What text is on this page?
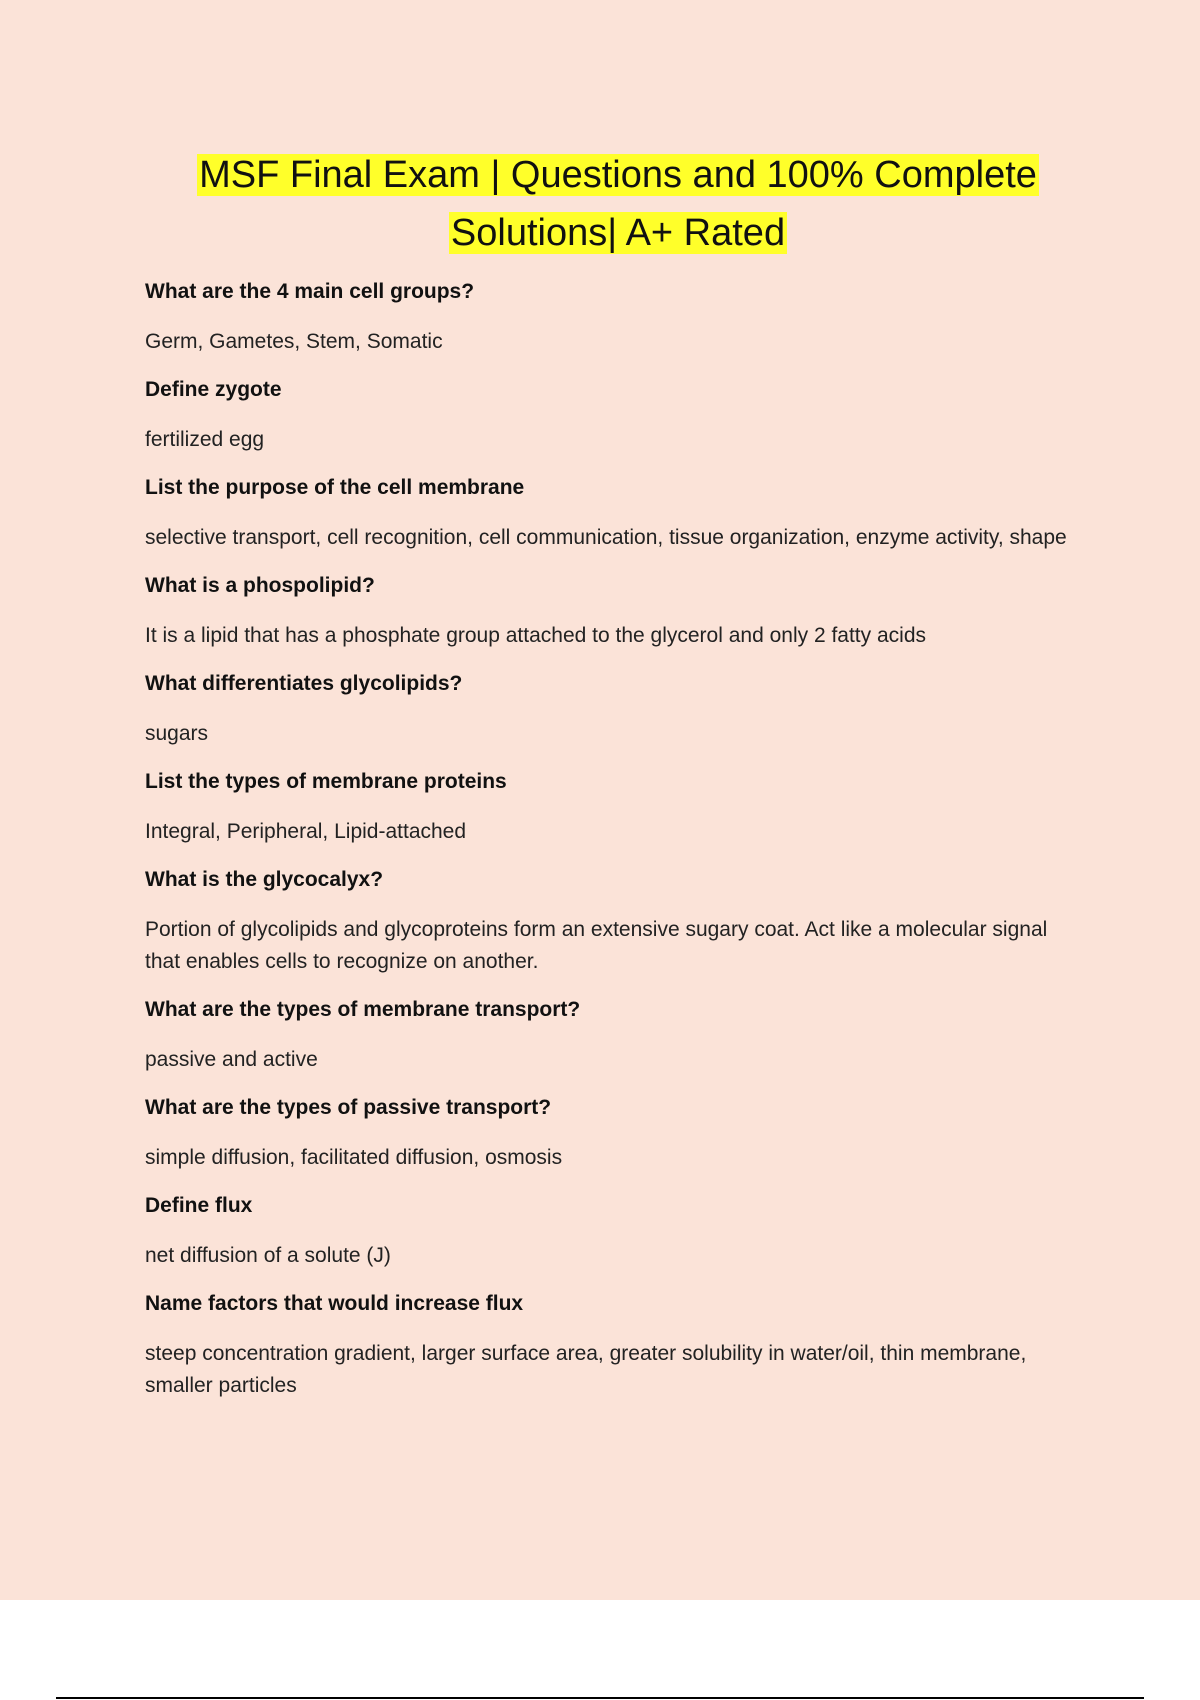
MSF Final Exam | Questions and 100% Complete
Solutions| A+ Rated

What are the 4 main cell groups?

Germ, Gametes, Stem, Somatic

Define zygote

fertilized egg

List the purpose of the cell membrane

selective transport, cell recognition, cell communication, tissue organization, enzyme activity, shape

What is a phospolipid?

It is a lipid that has a phosphate group attached to the glycerol and only 2 fatty acids

What differentiates glycolipids?

sugars

List the types of membrane proteins

Integral, Peripheral, Lipid-attached

What is the glycocalyx?

Portion of glycolipids and glycoproteins form an extensive sugary coat. Act like a molecular signal that enables cells to recognize on another.

What are the types of membrane transport?

passive and active

What are the types of passive transport?

simple diffusion, facilitated diffusion, osmosis

Define flux

net diffusion of a solute (J)

Name factors that would increase flux

steep concentration gradient, larger surface area, greater solubility in water/oil, thin membrane, smaller particles
